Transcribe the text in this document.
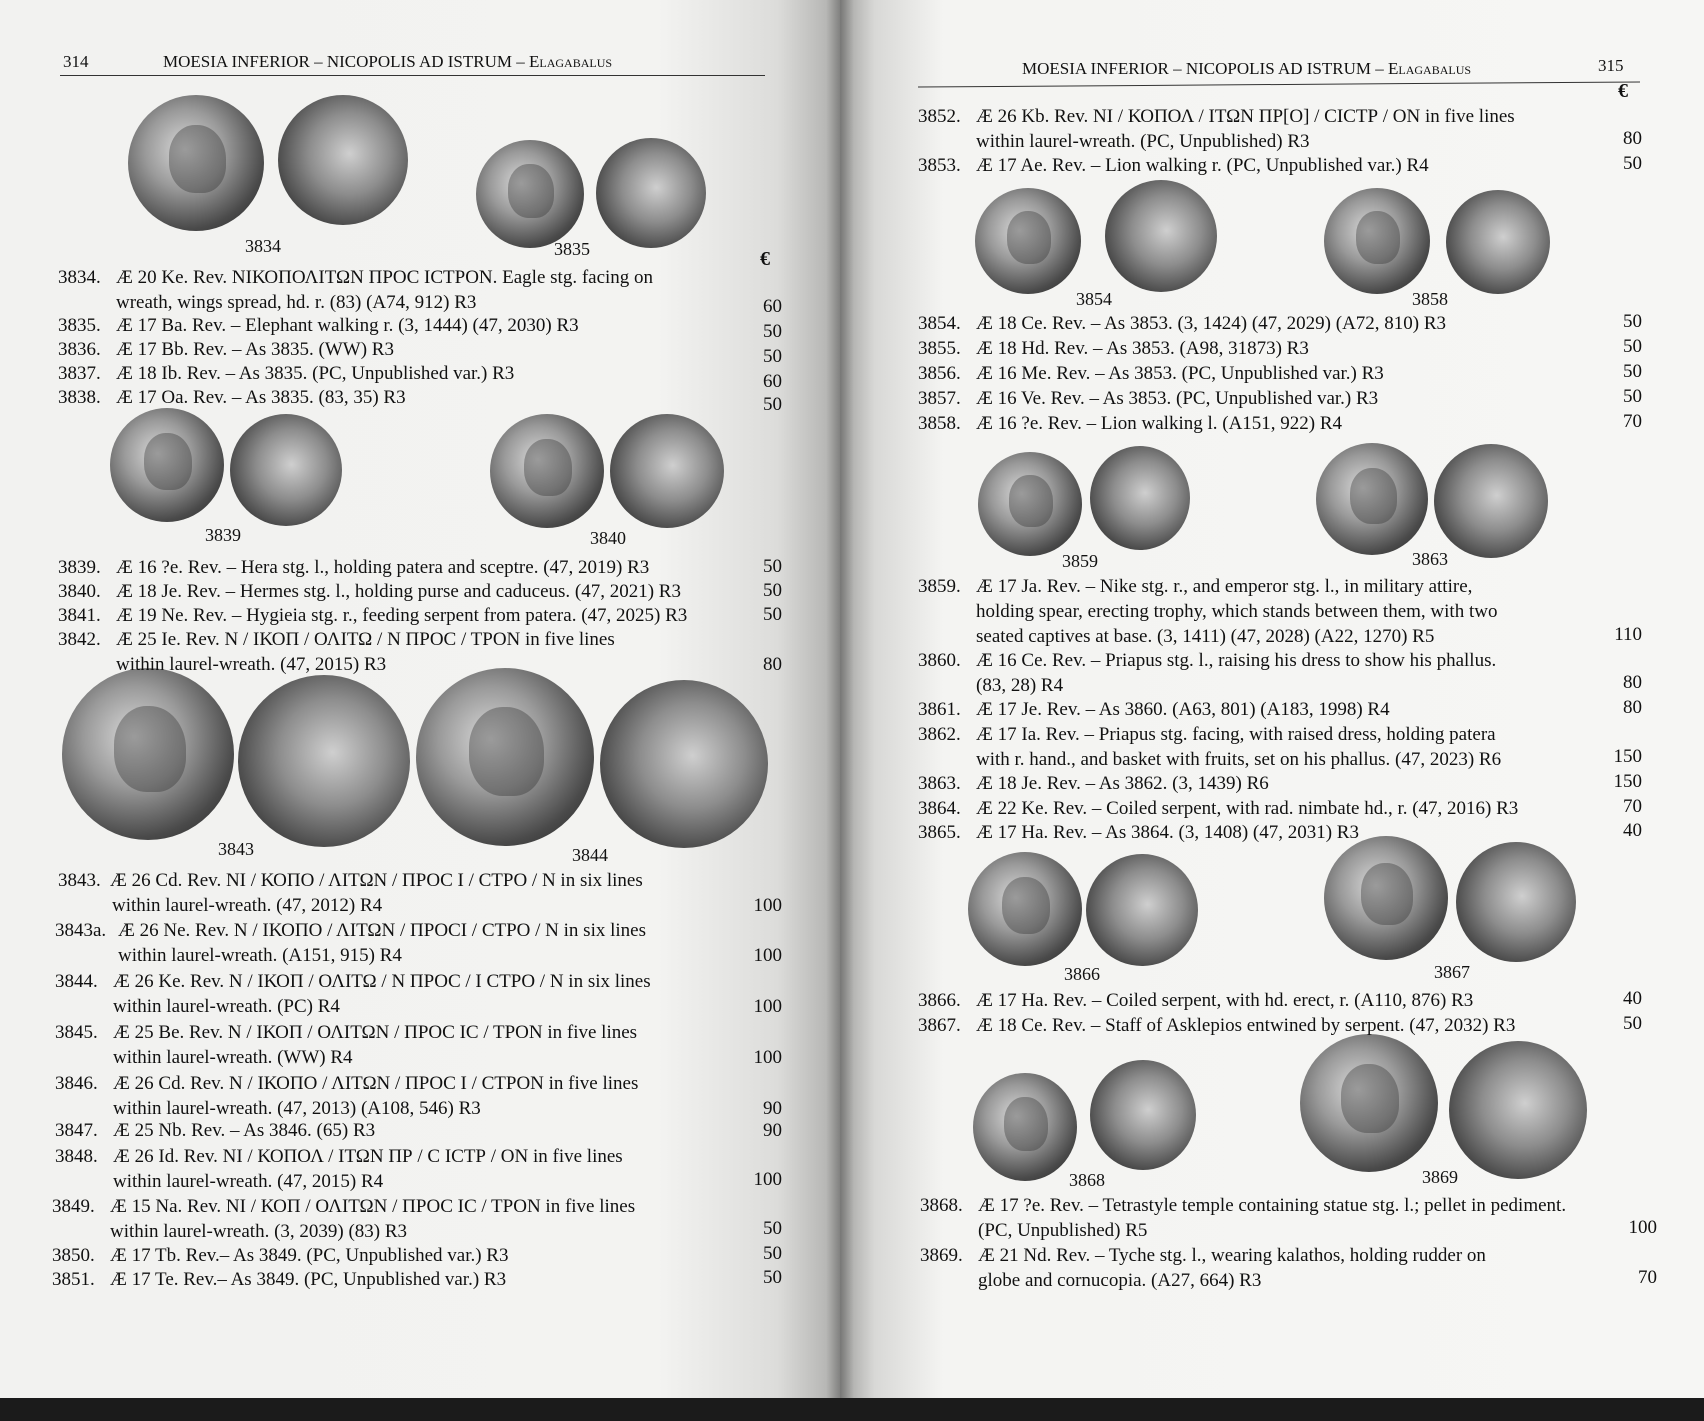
314	MOESIA INFERIOR – NICOPOLIS AD ISTRUM – Elagabalus
€
3834	3835
3839	3840
3843	3844
3834. Æ 20 Ke. Rev. ΝΙΚΟΠΟΛΙΤΩΝ ΠΡΟϹ ΙϹΤΡΟΝ. Eagle stg. facing on
wreath, wings spread, hd. r. (83) (A74, 912) R3	60
3835. Æ 17 Ba. Rev. – Elephant walking r. (3, 1444) (47, 2030) R3	50
3836. Æ 17 Bb. Rev. – As 3835. (WW) R3	50
3837. Æ 18 Ib. Rev. – As 3835. (PC, Unpublished var.) R3	60
3838. Æ 17 Oa. Rev. – As 3835. (83, 35) R3	50
3839. Æ 16 ?e. Rev. – Hera stg. l., holding patera and sceptre. (47, 2019) R3	50
3840. Æ 18 Je. Rev. – Hermes stg. l., holding purse and caduceus. (47, 2021) R3	50
3841. Æ 19 Ne. Rev. – Hygieia stg. r., feeding serpent from patera. (47, 2025) R3	50
3842. Æ 25 Ie. Rev. Ν / ΙΚΟΠ / ΟΛΙΤΩ / Ν ΠΡΟϹ / ΤΡΟΝ in five lines
within laurel-wreath. (47, 2015) R3	80
3843. Æ 26 Cd. Rev. ΝΙ / ΚΟΠΟ / ΛΙΤΩΝ / ΠΡΟϹ Ι / ϹΤΡΟ / Ν in six lines
within laurel-wreath. (47, 2012) R4	100
3843a. Æ 26 Ne. Rev. Ν / ΙΚΟΠΟ / ΛΙΤΩΝ / ΠΡΟϹΙ / ϹΤΡΟ / Ν in six lines
within laurel-wreath. (A151, 915) R4	100
3844. Æ 26 Ke. Rev. Ν / ΙΚΟΠ / ΟΛΙΤΩ / Ν ΠΡΟϹ / Ι ϹΤΡΟ / Ν in six lines
within laurel-wreath. (PC) R4	100
3845. Æ 25 Be. Rev. Ν / ΙΚΟΠ / ΟΛΙΤΩΝ / ΠΡΟϹ ΙϹ / ΤΡΟΝ in five lines
within laurel-wreath. (WW) R4	100
3846. Æ 26 Cd. Rev. Ν / ΙΚΟΠΟ / ΛΙΤΩΝ / ΠΡΟϹ Ι / ϹΤΡΟΝ in five lines
within laurel-wreath. (47, 2013) (A108, 546) R3	90
3847. Æ 25 Nb. Rev. – As 3846. (65) R3	90
3848. Æ 26 Id. Rev. ΝΙ / ΚΟΠΟΛ / ΙΤΩΝ ΠΡ / C ΙϹΤΡ / ΟΝ in five lines
within laurel-wreath. (47, 2015) R4	100
3849. Æ 15 Na. Rev. ΝΙ / ΚΟΠ / ΟΛΙΤΩΝ / ΠΡΟϹ ΙϹ / ΤΡΟΝ in five lines
within laurel-wreath. (3, 2039) (83) R3	50
3850. Æ 17 Tb. Rev.– As 3849. (PC, Unpublished var.) R3	50
3851. Æ 17 Te. Rev.– As 3849. (PC, Unpublished var.) R3	50
MOESIA INFERIOR – NICOPOLIS AD ISTRUM – Elagabalus	315
€
3854	3858
3859	3863
3866	3867
3868	3869
3852. Æ 26 Kb. Rev. ΝΙ / ΚΟΠΟΛ / ΙΤΩΝ ΠΡ[Ο] / ϹΙϹΤΡ / ΟΝ in five lines
within laurel-wreath. (PC, Unpublished) R3	80
3853. Æ 17 Ae. Rev. – Lion walking r. (PC, Unpublished var.) R4	50
3854. Æ 18 Ce. Rev. – As 3853. (3, 1424) (47, 2029) (A72, 810) R3	50
3855. Æ 18 Hd. Rev. – As 3853. (A98, 31873) R3	50
3856. Æ 16 Me. Rev. – As 3853. (PC, Unpublished var.) R3	50
3857. Æ 16 Ve. Rev. – As 3853. (PC, Unpublished var.) R3	50
3858. Æ 16 ?e. Rev. – Lion walking l. (A151, 922) R4	70
3859. Æ 17 Ja. Rev. – Nike stg. r., and emperor stg. l., in military attire,
holding spear, erecting trophy, which stands between them, with two
seated captives at base. (3, 1411) (47, 2028) (A22, 1270) R5	110
3860. Æ 16 Ce. Rev. – Priapus stg. l., raising his dress to show his phallus.
(83, 28) R4	80
3861. Æ 17 Je. Rev. – As 3860. (A63, 801) (A183, 1998) R4	80
3862. Æ 17 Ia. Rev. – Priapus stg. facing, with raised dress, holding patera
with r. hand., and basket with fruits, set on his phallus. (47, 2023) R6	150
3863. Æ 18 Je. Rev. – As 3862. (3, 1439) R6	150
3864. Æ 22 Ke. Rev. – Coiled serpent, with rad. nimbate hd., r. (47, 2016) R3	70
3865. Æ 17 Ha. Rev. – As 3864. (3, 1408) (47, 2031) R3	40
3866. Æ 17 Ha. Rev. – Coiled serpent, with hd. erect, r. (A110, 876) R3	40
3867. Æ 18 Ce. Rev. – Staff of Asklepios entwined by serpent. (47, 2032) R3	50
3868. Æ 17 ?e. Rev. – Tetrastyle temple containing statue stg. l.; pellet in pediment.
(PC, Unpublished) R5	100
3869. Æ 21 Nd. Rev. – Tyche stg. l., wearing kalathos, holding rudder on
globe and cornucopia. (A27, 664) R3	70
